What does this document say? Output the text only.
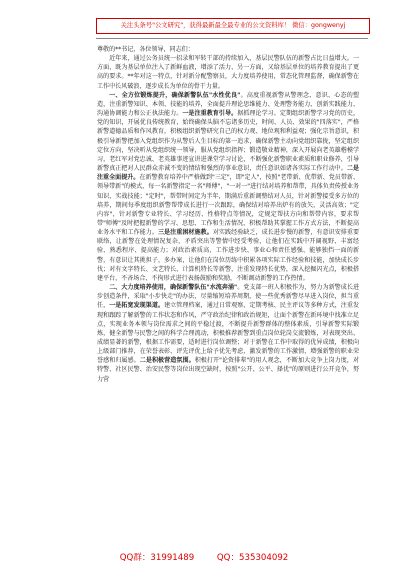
关注头条号"公文研究"，获得最新最全最专业的公文资料库！ 微信：gongwenyj

尊敬的**书记，各位领导，同志们：

近年来，通过公务员统一招录和军转干部的持续加入，基层民警队伍的新警占比日益增大。一方面，既为基层单位注入了新鲜血液，增添了活力、另一方面，又给基层单位的培养教育提出了更高的要求。**年对这一特点，针对新分配警察员，大力度培养使用，常态化管理监督，确保新警在工作中长风破浪，逐步成长为单位的骨干力量。

一、全方位锻炼提升，确保新警队伍"水性优良"。高度重视新警从警理念、意识、心态的塑造，注重新警知识、本领、技能的培养，全面提升理论思维能力、处理警务能力、创新实践能力、沟通协调能力和公正执法能力。一是注重教育引导。据抓理论学习。定期组织新警学习党的历史，党的知识，开展优良传统教育，始终确保头脑不忘诸多历史，时间、人员、效果的"四落实"，严格新警道德品质和作风教育，积极组织新警研究自己的权力观、地位观和利益观；强化宗旨意识，积极引导新警把加入党组织作为从警后人生目标的第一追求，确保新警主动向党组织靠拢，坚定组织定位方向，坚决听从党组织统一领导，服从党组织指挥；锻造敬业精神，深入开展向老英雄楷模学习，老红军对党忠诚、老英雄事迹宣讲进课堂学习讨论，不断强化新警职业素质和职业修养，引导新警真正把对人民群众赤诚不变的情结和强烈的事业意识，责任意识如诸各实际工作行动中。二是注重全面提升。在新警教育培养中严格做到"三定"，即"定人"，按照"老带新、优带新、党员带新、领导带新"的模式，每一名新警指定一名"师傅"，"一对一"进行结对培养和帮带，具体负责传授业务知识、实战技能；"定时"，帮带时间定为半年，期满后重新调整结对人员，针对新警接受多方位的培养，期间每季度组织新警帮带成长进行一次跟踪，确保结对培养出炉有的放矢，灵活高效；"定内容"，针对新警专业特长、学习经历、性格特点等情况，定规定帮扶方向和帮带内容，要求帮带"师傅"及时把握新警的学习、思想、工作和生活情况，积极帮助其掌握工作方式方法，不断提高业务水平和工作能力。三是注重困材施教。对实践经验缺乏，成长进步慢的新警，有意识安排重要联络，让新警在处理情况复杂，矛盾突出等警情中经受考验，让他们在实践中开阔视野、丰富经验、熟悉程序、提高能力；对政治素质高、工作进步快、事业心和责任感强、能够独挡一面的新警，有意识让其挑担子，多办案，让他们在岗位历练中积累各项实际工作经验和技能，加快成长步伐；对有文字特长、文艺特长、计算机特长等新警，注重发现特长优势，深入挖掘闪光点，积极搭建平台，不吝场合、不拘形式进行表扬鼓励和奖励，不断调动新警的工作热情。

二、大力度培养使用，确保新警队伍"水流奔涌"。党支部一班人积极作为，努力为新警成长进步创造条件，采取"小步快走"的办法，尽量缩短培养周期，使一些优秀新警尽早进入岗位，担当重任，一是拓宽发现渠道。建立管理档案，通过日常观察、定期考核、民主评议等多种方式，注重发现和跟踪了解新警的工作状态和作风，严守政治纪律和政治规矩，让面个新警在新环境中找准立足点，实现业务本领与岗位需求之间的平稳过渡，不断提升新警群体的整体素质，引导新警实际锻炼，健全新警与民警之间的科学合理流动，积极推荐新警到重点岗位轮岗交流锻炼，对表现突出、成绩显著的新警，根据工作需要，适时进行岗位调整；对于新警在工作中取得的优异成绩，积极向上级部门推荐，在荣誉表彰、评先评优上给予优先考虑，激发新警的工作激情，增强新警的职业荣誉感和归属感。二是积极营造氛围。积极打开"论资排辈"的用人观念，不断加大竞争上岗力度，对特警、社区民警、治安民警等岗位出现空缺时，按照"公开、公平、择优"的原则进行公开竞争，努力营

QQ群：31991489	QQ：535304092
